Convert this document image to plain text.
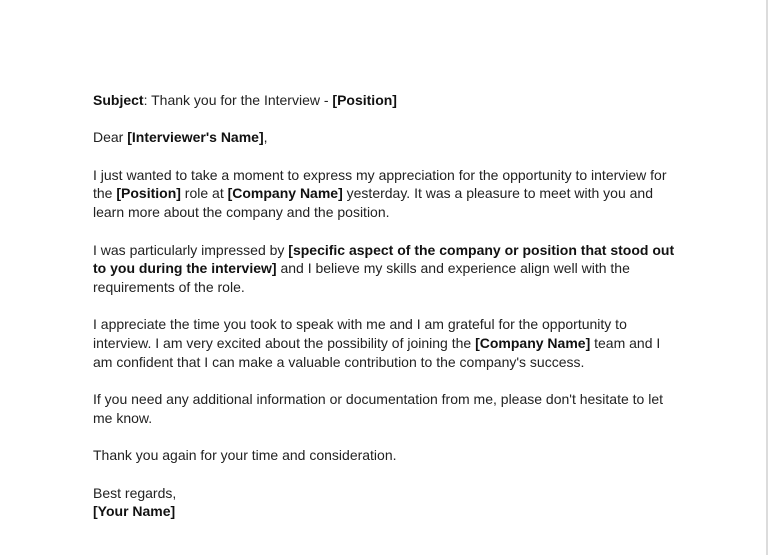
Subject: Thank you for the Interview - [Position]

Dear [Interviewer's Name],

I just wanted to take a moment to express my appreciation for the opportunity to interview for the [Position] role at [Company Name] yesterday. It was a pleasure to meet with you and learn more about the company and the position.

I was particularly impressed by [specific aspect of the company or position that stood out to you during the interview] and I believe my skills and experience align well with the requirements of the role.

I appreciate the time you took to speak with me and I am grateful for the opportunity to interview. I am very excited about the possibility of joining the [Company Name] team and I am confident that I can make a valuable contribution to the company's success.

If you need any additional information or documentation from me, please don't hesitate to let me know.

Thank you again for your time and consideration.

Best regards,
[Your Name]
